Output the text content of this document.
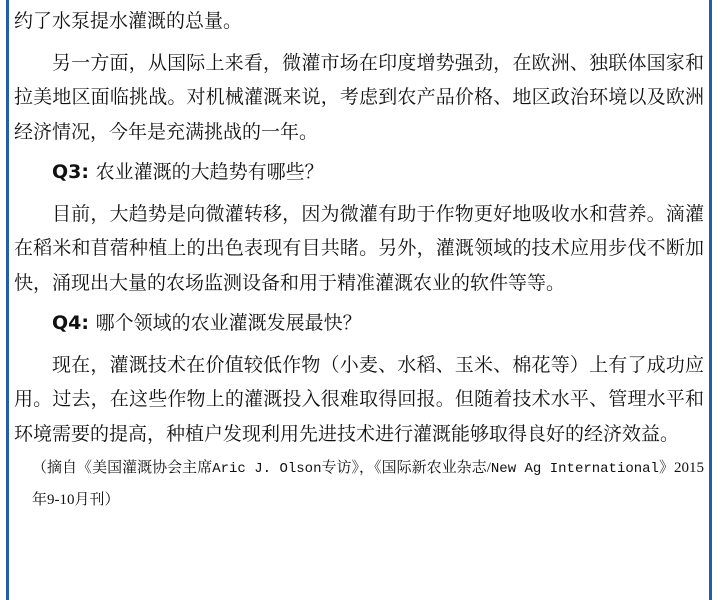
约了水泵提水灌溉的总量。

另一方面，从国际上来看，微灌市场在印度增势强劲，在欧洲、独联体国家和拉美地区面临挑战。对机械灌溉来说，考虑到农产品价格、地区政治环境以及欧洲经济情况，今年是充满挑战的一年。

Q3: 农业灌溉的大趋势有哪些？

目前，大趋势是向微灌转移，因为微灌有助于作物更好地吸收水和营养。滴灌在稻米和苜蓿种植上的出色表现有目共睹。另外，灌溉领域的技术应用步伐不断加快，涌现出大量的农场监测设备和用于精准灌溉农业的软件等等。

Q4: 哪个领域的农业灌溉发展最快？

现在，灌溉技术在价值较低作物（小麦、水稻、玉米、棉花等）上有了成功应用。过去，在这些作物上的灌溉投入很难取得回报。但随着技术水平、管理水平和环境需要的提高，种植户发现利用先进技术进行灌溉能够取得良好的经济效益。

（摘自《美国灌溉协会主席Aric J. Olson专访》，《国际新农业杂志/New Ag International》2015年9-10月刊）
